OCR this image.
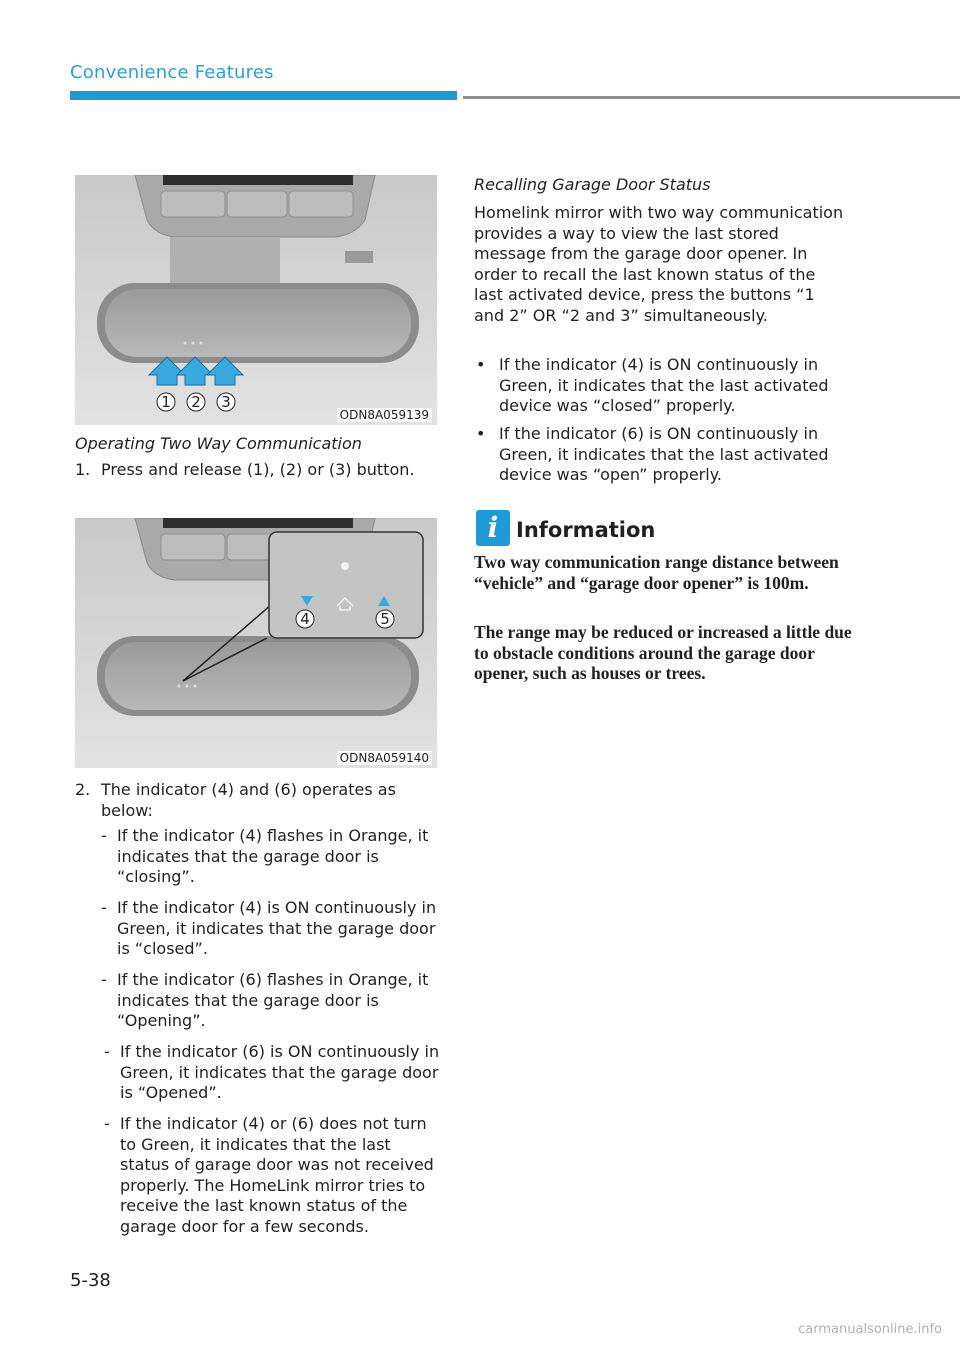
Convenience Features
1 2 3
ODN8A059139
Operating Two Way Communication
1. Press and release (1), (2) or (3) button.
4	5
ODN8A059140
2. The indicator (4) and (6) operates as below:
- If the indicator (4) flashes in Orange, it indicates that the garage door is “closing”.
- If the indicator (4) is ON continuously in Green, it indicates that the garage door is “closed”.
- If the indicator (6) flashes in Orange, it indicates that the garage door is “Opening”.
- If the indicator (6) is ON continuously in Green, it indicates that the garage door is “Opened”.
- If the indicator (4) or (6) does not turn to Green, it indicates that the last status of garage door was not received properly. The HomeLink mirror tries to receive the last known status of the garage door for a few seconds.
Recalling Garage Door Status
Homelink mirror with two way communication provides a way to view the last stored message from the garage door opener. In order to recall the last known status of the last activated device, press the buttons “1 and 2” OR “2 and 3” simultaneously.
• If the indicator (4) is ON continuously in Green, it indicates that the last activated device was “closed” properly.
• If the indicator (6) is ON continuously in Green, it indicates that the last activated device was “open” properly.
i Information
Two way communication range distance between “vehicle” and “garage door opener” is 100m.
The range may be reduced or increased a little due to obstacle conditions around the garage door opener, such as houses or trees.
5-38
carmanualsonline.info
